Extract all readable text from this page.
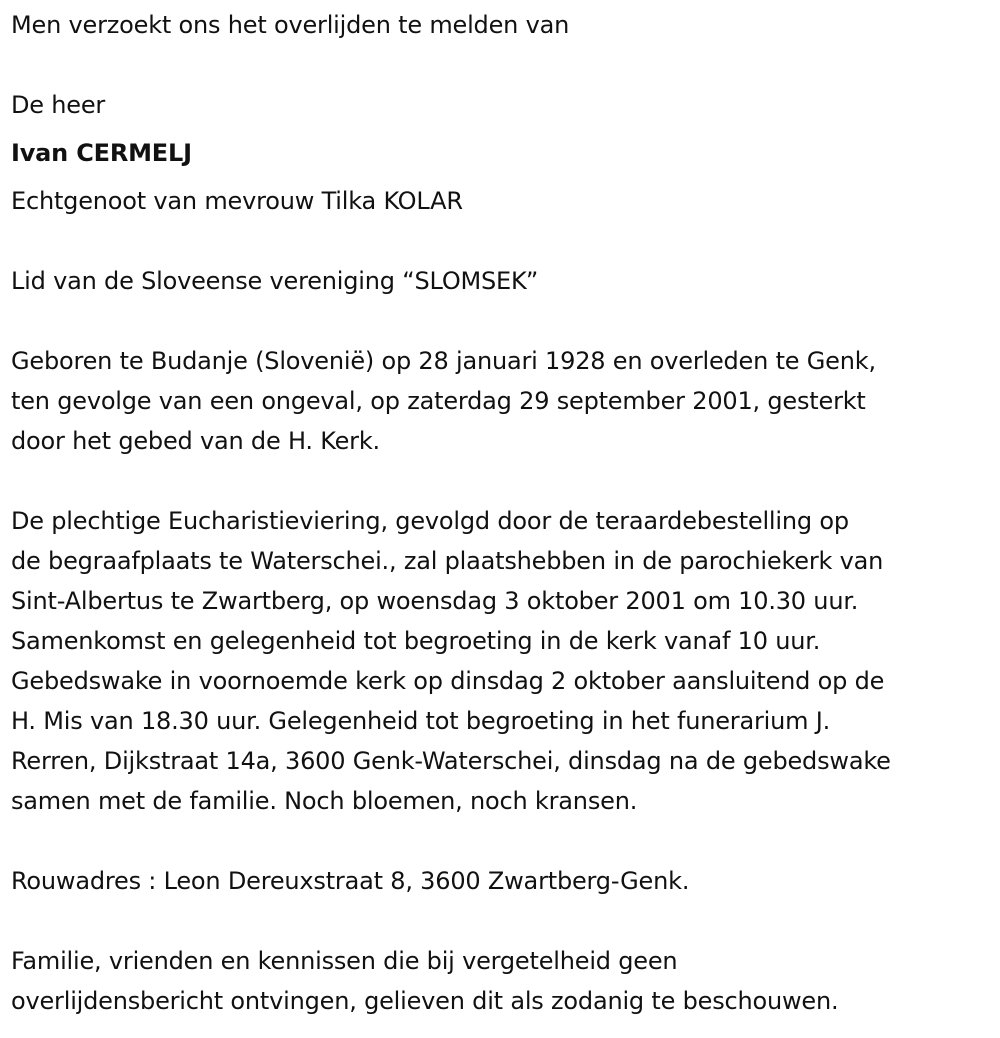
Men verzoekt ons het overlijden te melden van

De heer

Ivan CERMELJ

Echtgenoot van mevrouw Tilka KOLAR

Lid van de Sloveense vereniging “SLOMSEK”

Geboren te Budanje (Slovenië) op 28 januari 1928 en overleden te Genk,

ten gevolge van een ongeval, op zaterdag 29 september 2001, gesterkt

door het gebed van de H. Kerk.

De plechtige Eucharistieviering, gevolgd door de teraardebestelling op

de begraafplaats te Waterschei., zal plaatshebben in de parochiekerk van

Sint-Albertus te Zwartberg, op woensdag 3 oktober 2001 om 10.30 uur.

Samenkomst en gelegenheid tot begroeting in de kerk vanaf 10 uur.

Gebedswake in voornoemde kerk op dinsdag 2 oktober aansluitend op de

H. Mis van 18.30 uur. Gelegenheid tot begroeting in het funerarium J.

Rerren, Dijkstraat 14a, 3600 Genk-Waterschei, dinsdag na de gebedswake

samen met de familie. Noch bloemen, noch kransen.

Rouwadres : Leon Dereuxstraat 8, 3600 Zwartberg-Genk.

Familie, vrienden en kennissen die bij vergetelheid geen

overlijdensbericht ontvingen, gelieven dit als zodanig te beschouwen.
